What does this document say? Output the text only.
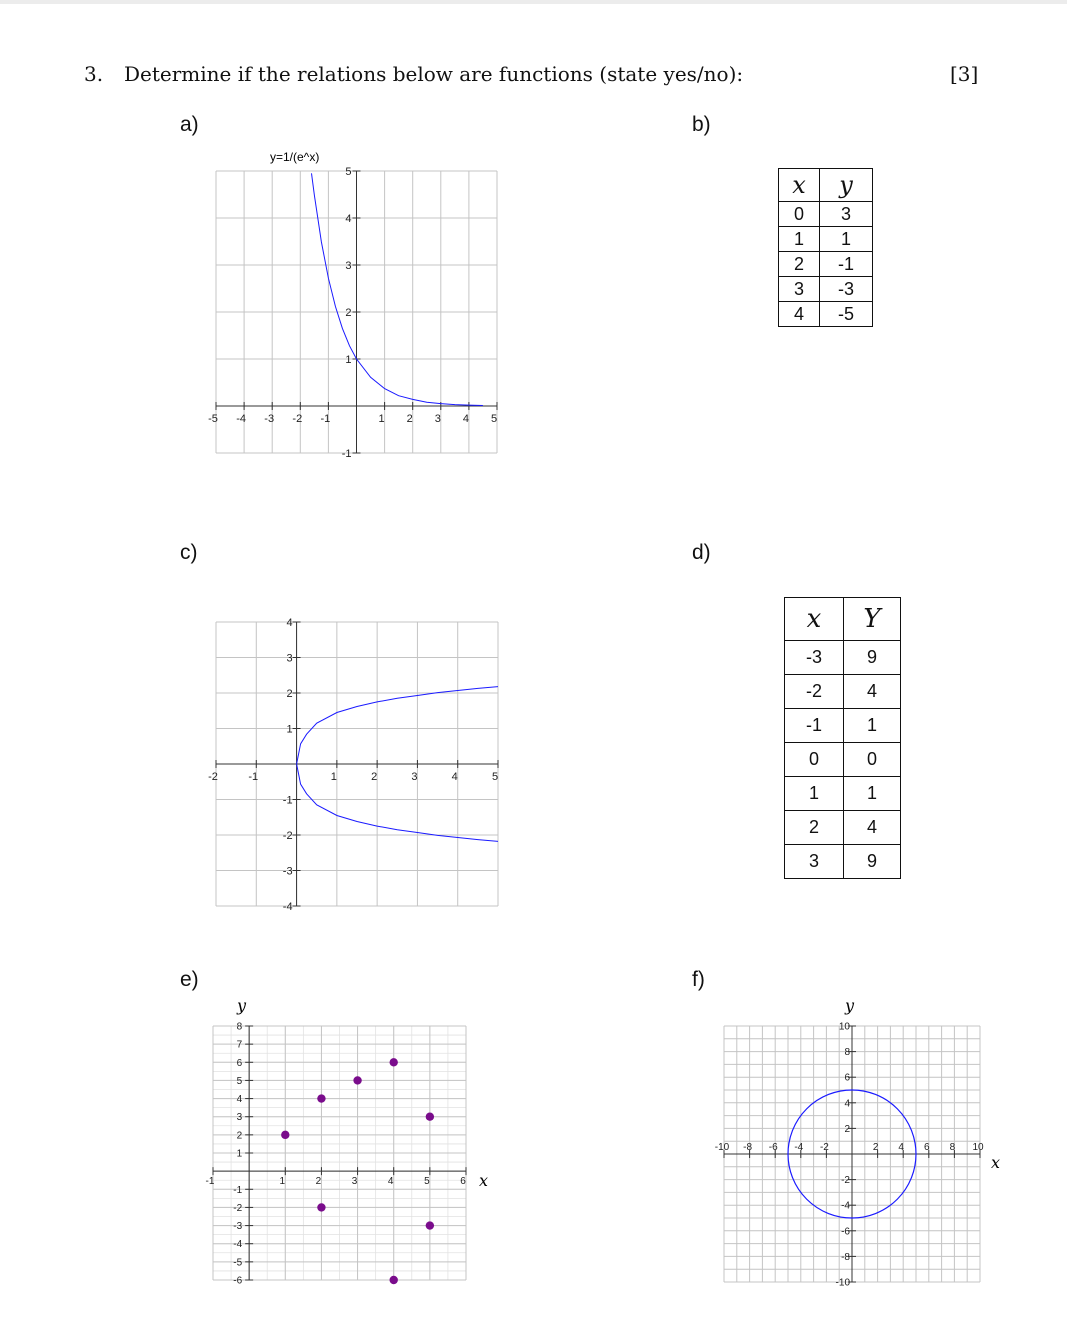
3. Determine if the relations below are functions (state yes/no):	[3]
a)	b)
c)	d)
e)	f)
-5 -4 -3 -2 -1	1 2 3 4 5
5
4
3
2
1
-1
y=1/(e^x)
-2	-1	1	2	3	4	5
4
3
2
1
-1
-2
-3
-4
-1	1	2	3	4	5	6
8
7
6
5
4
3
2
1
-1
-2
-3
-4
-5
-6
y
x
-10 -8 -6 -4 -2	2 4 6 8 10
10
8
6
4
2
-2
-4
-6
-8
-10
y
x
x	y
0	3
1	1
2	-1
3	-3
4	-5
x	Y
-3	9
-2	4
-1	1
0	0
1	1
2	4
3	9
